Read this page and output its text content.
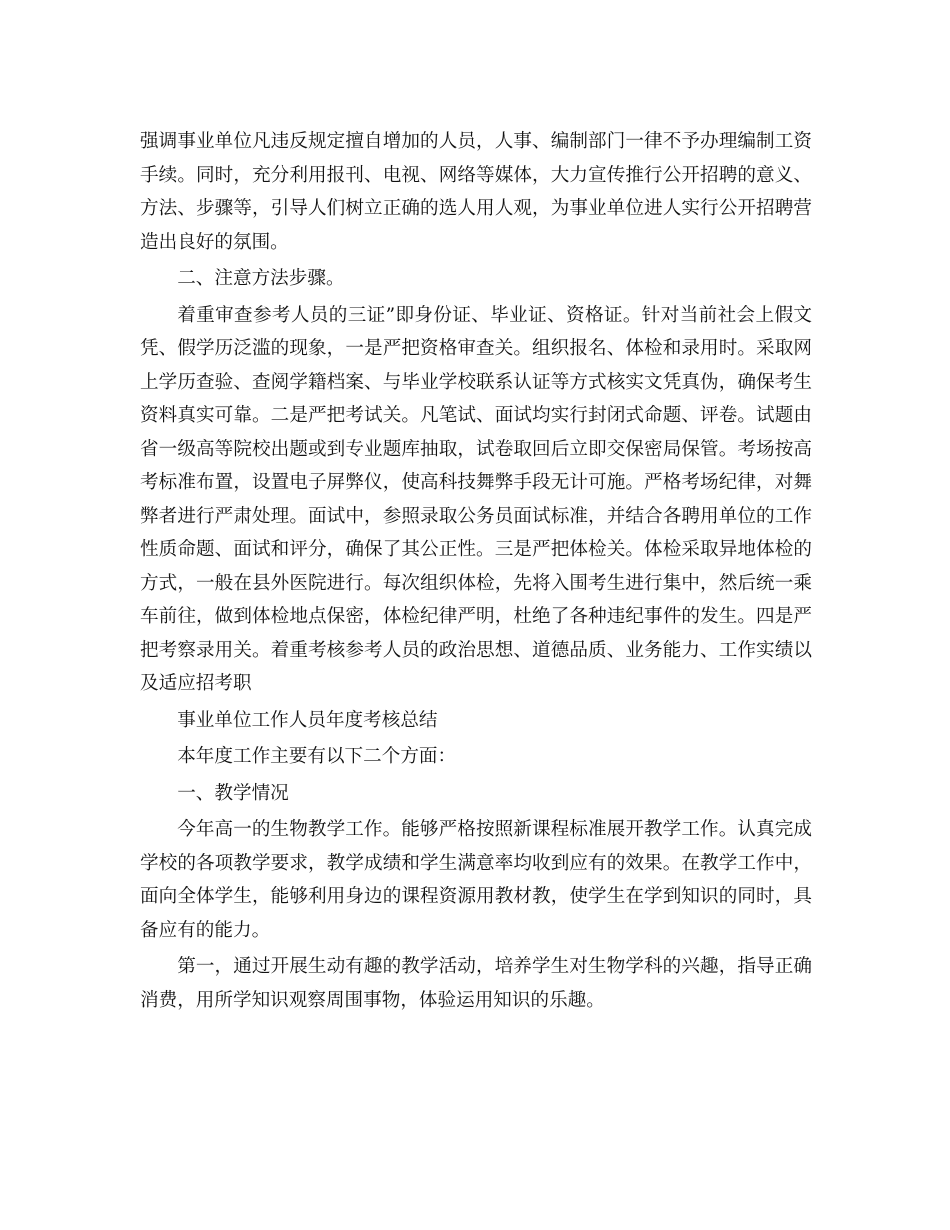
强调事业单位凡违反规定擅自增加的人员，人事、编制部门一律不予办理编制工资手续。同时，充分利用报刊、电视、网络等媒体，大力宣传推行公开招聘的意义、方法、步骤等，引导人们树立正确的选人用人观，为事业单位进人实行公开招聘营造出良好的氛围。

二、注意方法步骤。

着重审查参考人员的三证”即身份证、毕业证、资格证。针对当前社会上假文凭、假学历泛滥的现象，一是严把资格审查关。组织报名、体检和录用时。采取网上学历查验、查阅学籍档案、与毕业学校联系认证等方式核实文凭真伪，确保考生资料真实可靠。二是严把考试关。凡笔试、面试均实行封闭式命题、评卷。试题由省一级高等院校出题或到专业题库抽取，试卷取回后立即交保密局保管。考场按高考标准布置，设置电子屏弊仪，使高科技舞弊手段无计可施。严格考场纪律，对舞弊者进行严肃处理。面试中，参照录取公务员面试标准，并结合各聘用单位的工作性质命题、面试和评分，确保了其公正性。三是严把体检关。体检采取异地体检的方式，一般在县外医院进行。每次组织体检，先将入围考生进行集中，然后统一乘车前往，做到体检地点保密，体检纪律严明，杜绝了各种违纪事件的发生。四是严把考察录用关。着重考核参考人员的政治思想、道德品质、业务能力、工作实绩以及适应招考职

事业单位工作人员年度考核总结

本年度工作主要有以下二个方面：

一、教学情况

今年高一的生物教学工作。能够严格按照新课程标准展开教学工作。认真完成学校的各项教学要求，教学成绩和学生满意率均收到应有的效果。在教学工作中，面向全体学生，能够利用身边的课程资源用教材教，使学生在学到知识的同时，具备应有的能力。

第一，通过开展生动有趣的教学活动，培养学生对生物学科的兴趣，指导正确消费，用所学知识观察周围事物，体验运用知识的乐趣。
